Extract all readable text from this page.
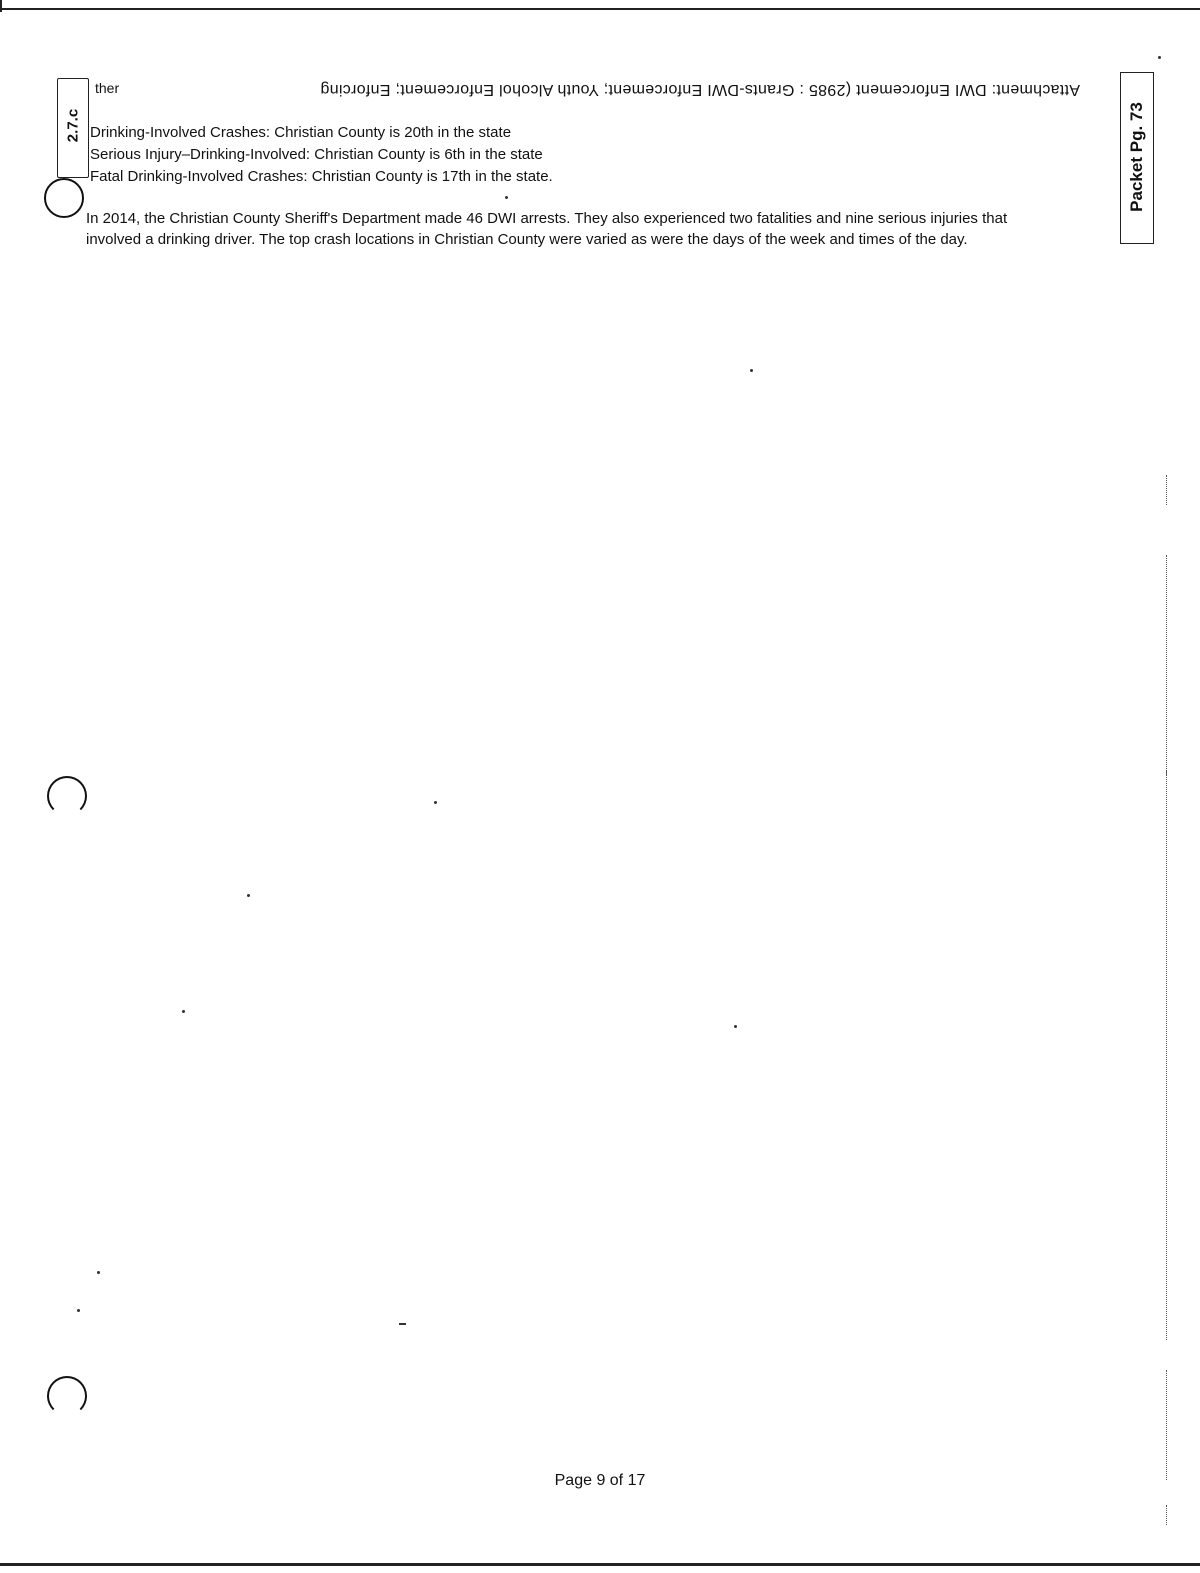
Attachment: DWI Enforcement (2985 : Grants-DWI Enforcement; Youth Alcohol Enforcement; Enforcing
ther
2.7.c	Packet Pg. 73
Drinking-Involved Crashes: Christian County is 20th in the state
Serious Injury–Drinking-Involved: Christian County is 6th in the state
Fatal Drinking-Involved Crashes: Christian County is 17th in the state.
In 2014, the Christian County Sheriff's Department made 46 DWI arrests. They also experienced two fatalities and nine serious injuries that involved a drinking driver. The top crash locations in Christian County were varied as were the days of the week and times of the day.
Page 9 of 17
